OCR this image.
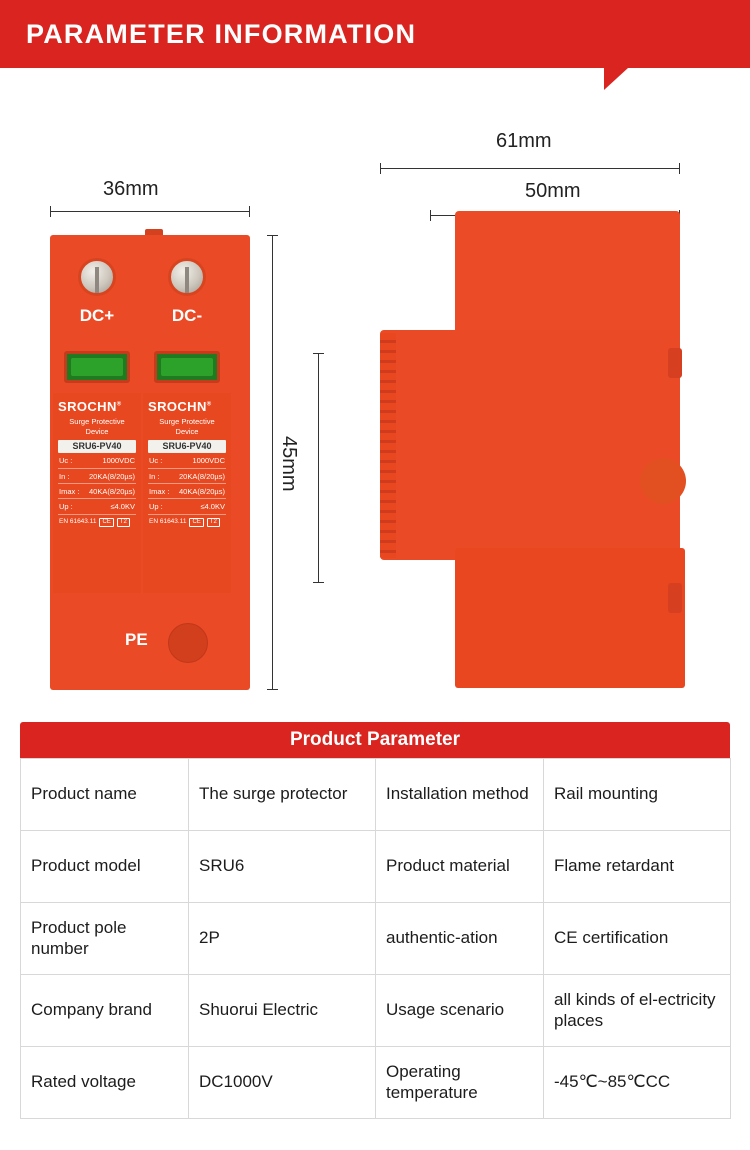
PARAMETER INFORMATION
36mm
DC+	DC-
SROCHN®
Surge Protective
Device
SRU6-PV40
Uc :	1000VDC
In :	20KA(8/20µs)
Imax : 40KA(8/20µs)
Up :	≤4.0KV
EN 61643.11	CE	T2
SROCHN®
Surge Protective
Device
SRU6-PV40
Uc :	1000VDC
In :	20KA(8/20µs)
Imax : 40KA(8/20µs)
Up :	≤4.0KV
EN 61643.11	CE	T2
PE
61mm
50mm
45mm
Product Parameter
Product name	The surge protector	Installation method	Rail mounting
Product model	SRU6	Product material	Flame retardant
Product pole number	2P	authentic-ation	CE certification
Company brand	Shuorui Electric	Usage scenario	all kinds of el-ectricity places
Rated voltage	DC1000V	Operating temperature	-45℃~85℃CC
